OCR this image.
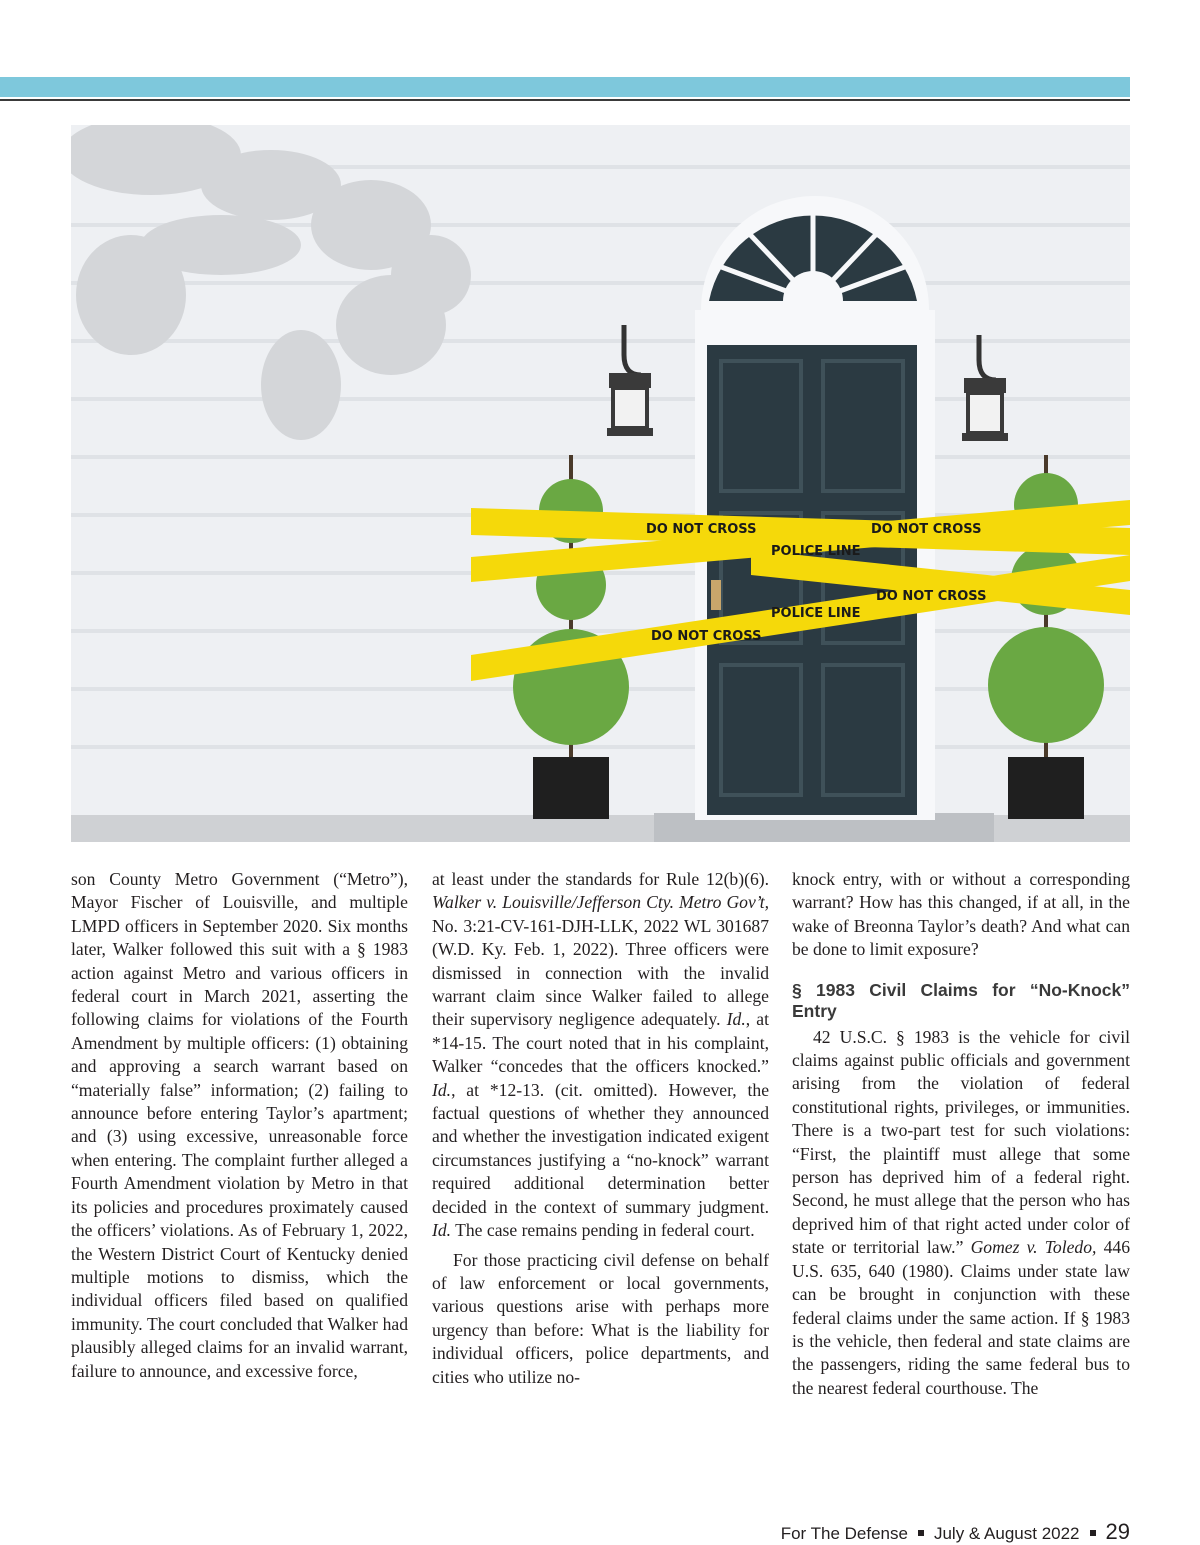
DO NOT CROSS
POLICE LINE
DO NOT CROSS
POLICE LINE
DO NOT CROSS
DO NOT CROSS

son County Metro Government (“Metro”), Mayor Fischer of Louisville, and multiple LMPD officers in September 2020. Six months later, Walker followed this suit with a § 1983 action against Metro and various officers in federal court in March 2021, asserting the following claims for violations of the Fourth Amendment by multiple officers: (1) obtaining and approving a search warrant based on “materially false” information; (2) failing to announce before entering Taylor’s apartment; and (3) using excessive, unreasonable force when entering. The complaint further alleged a Fourth Amendment violation by Metro in that its policies and procedures proximately caused the officers’ violations. As of February 1, 2022, the Western District Court of Kentucky denied multiple motions to dismiss, which the individual officers filed based on qualified immunity. The court concluded that Walker had plausibly alleged claims for an invalid warrant, failure to announce, and excessive force,

at least under the standards for Rule 12(b)(6). Walker v. Louisville/Jefferson Cty. Metro Gov’t, No. 3:21-CV-161-DJH-LLK, 2022 WL 301687 (W.D. Ky. Feb. 1, 2022). Three officers were dismissed in connection with the invalid warrant claim since Walker failed to allege their supervisory negligence adequately. Id., at *14-15. The court noted that in his complaint, Walker “concedes that the officers knocked.” Id., at *12-13. (cit. omitted). However, the factual questions of whether they announced and whether the investigation indicated exigent circumstances justifying a “no-knock” warrant required additional determination better decided in the context of summary judgment. Id. The case remains pending in federal court.

For those practicing civil defense on behalf of law enforcement or local governments, various questions arise with perhaps more urgency than before: What is the liability for individual officers, police departments, and cities who utilize no-

knock entry, with or without a corresponding warrant? How has this changed, if at all, in the wake of Breonna Taylor’s death? And what can be done to limit exposure?

§ 1983 Civil Claims for “No-Knock” Entry

42 U.S.C. § 1983 is the vehicle for civil claims against public officials and government arising from the violation of federal constitutional rights, privileges, or immunities. There is a two-part test for such violations: “First, the plaintiff must allege that some person has deprived him of a federal right. Second, he must allege that the person who has deprived him of that right acted under color of state or territorial law.” Gomez v. Toledo, 446 U.S. 635, 640 (1980). Claims under state law can be brought in conjunction with these federal claims under the same action. If § 1983 is the vehicle, then federal and state claims are the passengers, riding the same federal bus to the nearest federal courthouse. The

For The Defense July & August 2022 29
